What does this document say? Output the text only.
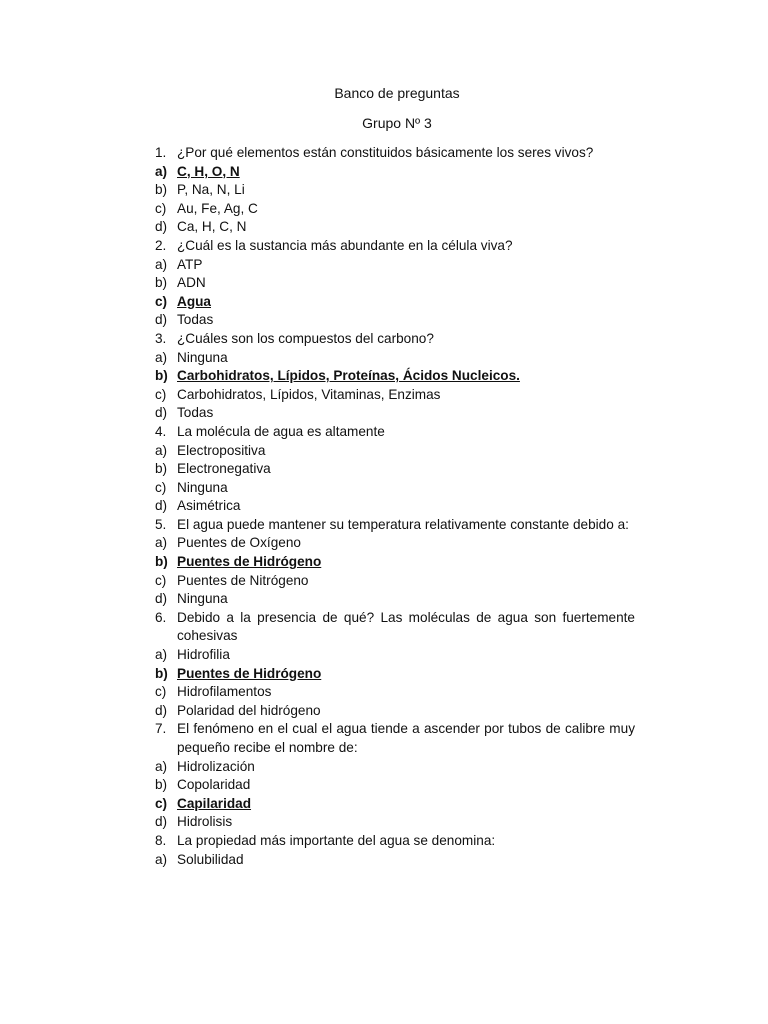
Banco de preguntas
Grupo Nº 3
1. ¿Por qué elementos están constituidos básicamente los seres vivos?
a) C, H, O, N
b) P, Na, N, Li
c) Au, Fe, Ag, C
d) Ca, H, C, N
2. ¿Cuál es la sustancia más abundante en la célula viva?
a) ATP
b) ADN
c) Agua
d) Todas
3. ¿Cuáles son los compuestos del carbono?
a) Ninguna
b) Carbohidratos, Lípidos, Proteínas, Ácidos Nucleicos.
c) Carbohidratos, Lípidos, Vitaminas, Enzimas
d) Todas
4. La molécula de agua es altamente
a) Electropositiva
b) Electronegativa
c) Ninguna
d) Asimétrica
5. El agua puede mantener su temperatura relativamente constante debido a:
a) Puentes de Oxígeno
b) Puentes de Hidrógeno
c) Puentes de Nitrógeno
d) Ninguna
6. Debido a la presencia de qué? Las moléculas de agua son fuertemente cohesivas
a) Hidrofilia
b) Puentes de Hidrógeno
c) Hidrofilamentos
d) Polaridad del hidrógeno
7. El fenómeno en el cual el agua tiende a ascender por tubos de calibre muy pequeño recibe el nombre de:
a) Hidrolización
b) Copolaridad
c) Capilaridad
d) Hidrolisis
8. La propiedad más importante del agua se denomina:
a) Solubilidad
